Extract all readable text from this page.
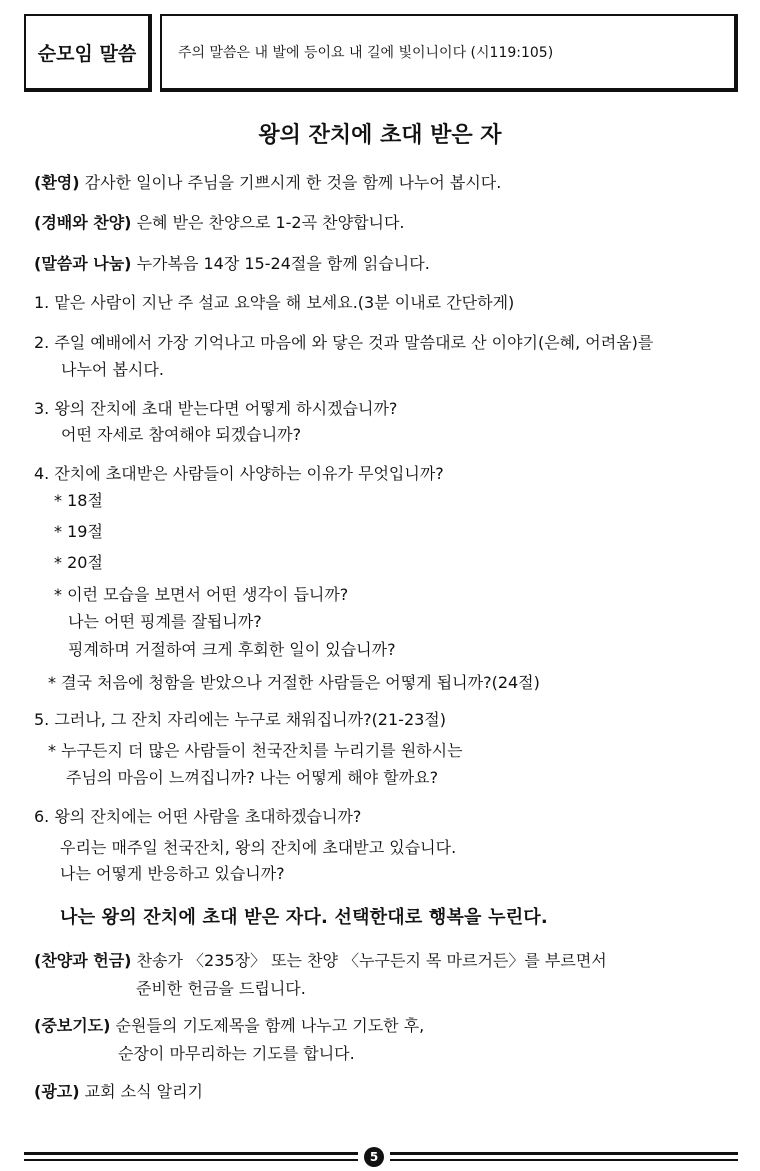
순모임 말씀	주의 말씀은 내 발에 등이요 내 길에 빛이니이다 (시119:105)
왕의 잔치에 초대 받은 자
(환영) 감사한 일이나 주님을 기쁘시게 한 것을 함께 나누어 봅시다.
(경배와 찬양) 은혜 받은 찬양으로 1-2곡 찬양합니다.
(말씀과 나눔) 누가복음 14장 15-24절을 함께 읽습니다.
1. 맡은 사람이 지난 주 설교 요약을 해 보세요.(3분 이내로 간단하게)
2. 주일 예배에서 가장 기억나고 마음에 와 닿은 것과 말씀대로 산 이야기(은혜, 어려움)를
나누어 봅시다.
3. 왕의 잔치에 초대 받는다면 어떻게 하시겠습니까?
어떤 자세로 참여해야 되겠습니까?
4. 잔치에 초대받은 사람들이 사양하는 이유가 무엇입니까?
* 18절
* 19절
* 20절
* 이런 모습을 보면서 어떤 생각이 듭니까?
나는 어떤 핑계를 잘됩니까?
핑계하며 거절하여 크게 후회한 일이 있습니까?
* 결국 처음에 청함을 받았으나 거절한 사람들은 어떻게 됩니까?(24절)
5. 그러나, 그 잔치 자리에는 누구로 채워집니까?(21-23절)
* 누구든지 더 많은 사람들이 천국잔치를 누리기를 원하시는
주님의 마음이 느껴집니까? 나는 어떻게 해야 할까요?
6. 왕의 잔치에는 어떤 사람을 초대하겠습니까?
우리는 매주일 천국잔치, 왕의 잔치에 초대받고 있습니다.
나는 어떻게 반응하고 있습니까?
나는 왕의 잔치에 초대 받은 자다. 선택한대로 행복을 누린다.
(찬양과 헌금) 찬송가 〈235장〉 또는 찬양 〈누구든지 목 마르거든〉를 부르면서
준비한 헌금을 드립니다.
(중보기도) 순원들의 기도제목을 함께 나누고 기도한 후,
순장이 마무리하는 기도를 합니다.
(광고) 교회 소식 알리기
5
